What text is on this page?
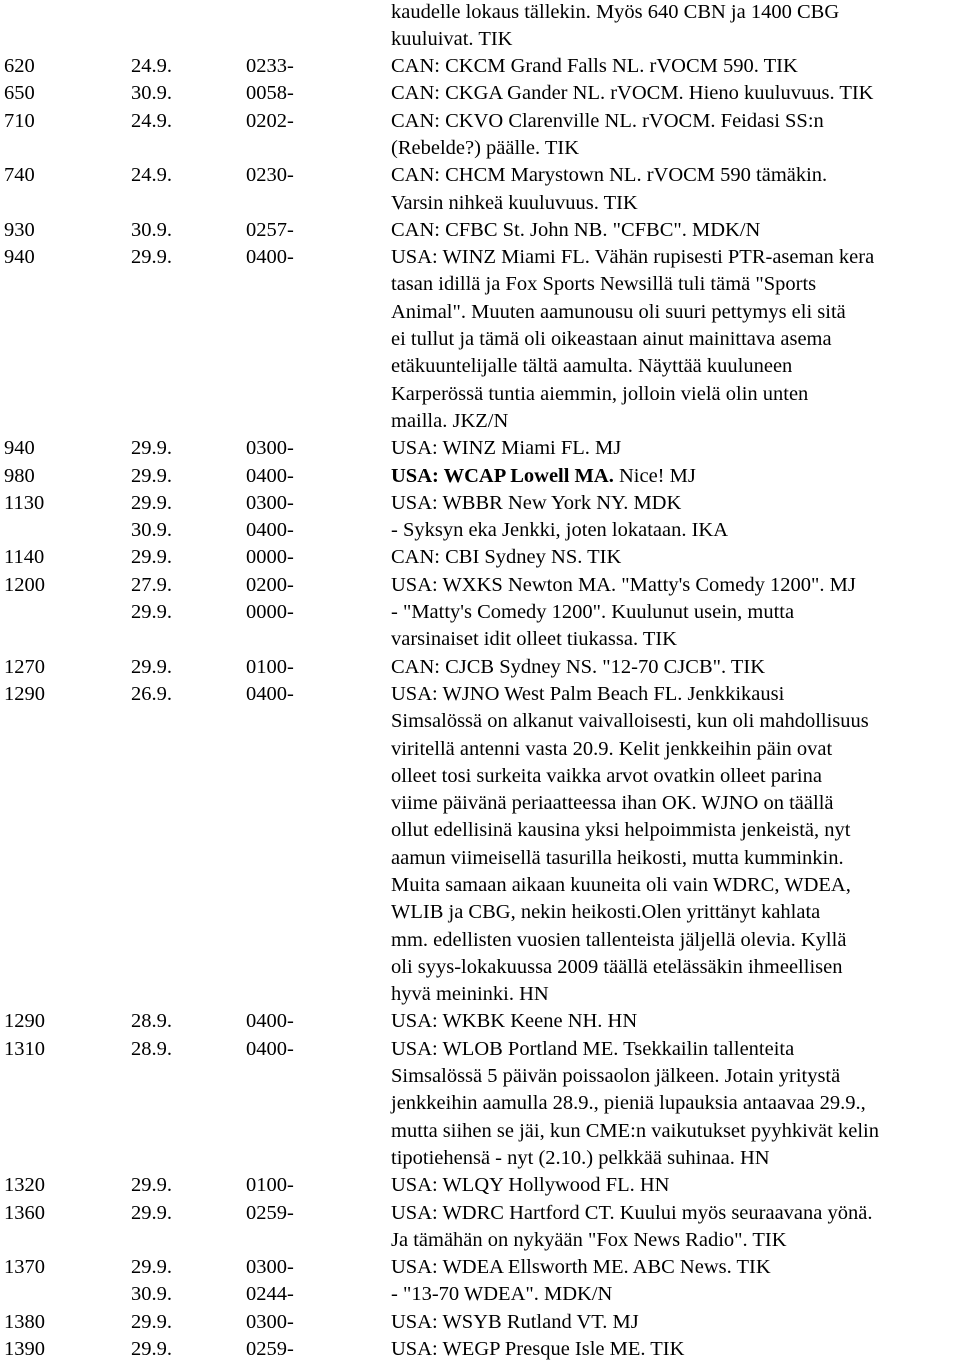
kaudelle lokaus tällekin. Myös 640 CBN ja 1400 CBG
kuuluivat. TIK
620	24.9.	0233-	CAN: CKCM Grand Falls NL. rVOCM 590. TIK
650	30.9.	0058-	CAN: CKGA Gander NL. rVOCM. Hieno kuuluvuus. TIK
710	24.9.	0202-	CAN: CKVO Clarenville NL. rVOCM. Feidasi SS:n
(Rebelde?) päälle. TIK
740	24.9.	0230-	CAN: CHCM Marystown NL. rVOCM 590 tämäkin.
Varsin nihkeä kuuluvuus. TIK
930	30.9.	0257-	CAN: CFBC St. John NB. "CFBC". MDK/N
940	29.9.	0400-	USA: WINZ Miami FL. Vähän rupisesti PTR-aseman kera
tasan idillä ja Fox Sports Newsillä tuli tämä "Sports
Animal". Muuten aamunousu oli suuri pettymys eli sitä
ei tullut ja tämä oli oikeastaan ainut mainittava asema
etäkuuntelijalle tältä aamulta. Näyttää kuuluneen
Karperössä tuntia aiemmin, jolloin vielä olin unten
mailla. JKZ/N
940	29.9.	0300-	USA: WINZ Miami FL. MJ
980	29.9.	0400-	USA: WCAP Lowell MA. Nice! MJ
1130	29.9.	0300-	USA: WBBR New York NY. MDK
30.9.	0400-	- Syksyn eka Jenkki, joten lokataan. IKA
1140	29.9.	0000-	CAN: CBI Sydney NS. TIK
1200	27.9.	0200-	USA: WXKS Newton MA. "Matty's Comedy 1200". MJ
29.9.	0000-	- "Matty's Comedy 1200". Kuulunut usein, mutta
varsinaiset idit olleet tiukassa. TIK
1270	29.9.	0100-	CAN: CJCB Sydney NS. "12-70 CJCB". TIK
1290	26.9.	0400-	USA: WJNO West Palm Beach FL. Jenkkikausi
Simsalössä on alkanut vaivalloisesti, kun oli mahdollisuus
viritellä antenni vasta 20.9. Kelit jenkkeihin päin ovat
olleet tosi surkeita vaikka arvot ovatkin olleet parina
viime päivänä periaatteessa ihan OK. WJNO on täällä
ollut edellisinä kausina yksi helpoimmista jenkeistä, nyt
aamun viimeisellä tasurilla heikosti, mutta kumminkin.
Muita samaan aikaan kuuneita oli vain WDRC, WDEA,
WLIB ja CBG, nekin heikosti.Olen yrittänyt kahlata
mm. edellisten vuosien tallenteista jäljellä olevia. Kyllä
oli syys-lokakuussa 2009 täällä etelässäkin ihmeellisen
hyvä meininki. HN
1290	28.9.	0400-	USA: WKBK Keene NH. HN
1310	28.9.	0400-	USA: WLOB Portland ME. Tsekkailin tallenteita
Simsalössä 5 päivän poissaolon jälkeen. Jotain yritystä
jenkkeihin aamulla 28.9., pieniä lupauksia antaavaa 29.9.,
mutta siihen se jäi, kun CME:n vaikutukset pyyhkivät kelin
tipotiehensä - nyt (2.10.) pelkkää suhinaa. HN
1320	29.9.	0100-	USA: WLQY Hollywood FL. HN
1360	29.9.	0259-	USA: WDRC Hartford CT. Kuului myös seuraavana yönä.
Ja tämähän on nykyään "Fox News Radio". TIK
1370	29.9.	0300-	USA: WDEA Ellsworth ME. ABC News. TIK
30.9.	0244-	- "13-70 WDEA". MDK/N
1380	29.9.	0300-	USA: WSYB Rutland VT. MJ
1390	29.9.	0259-	USA: WEGP Presque Isle ME. TIK
